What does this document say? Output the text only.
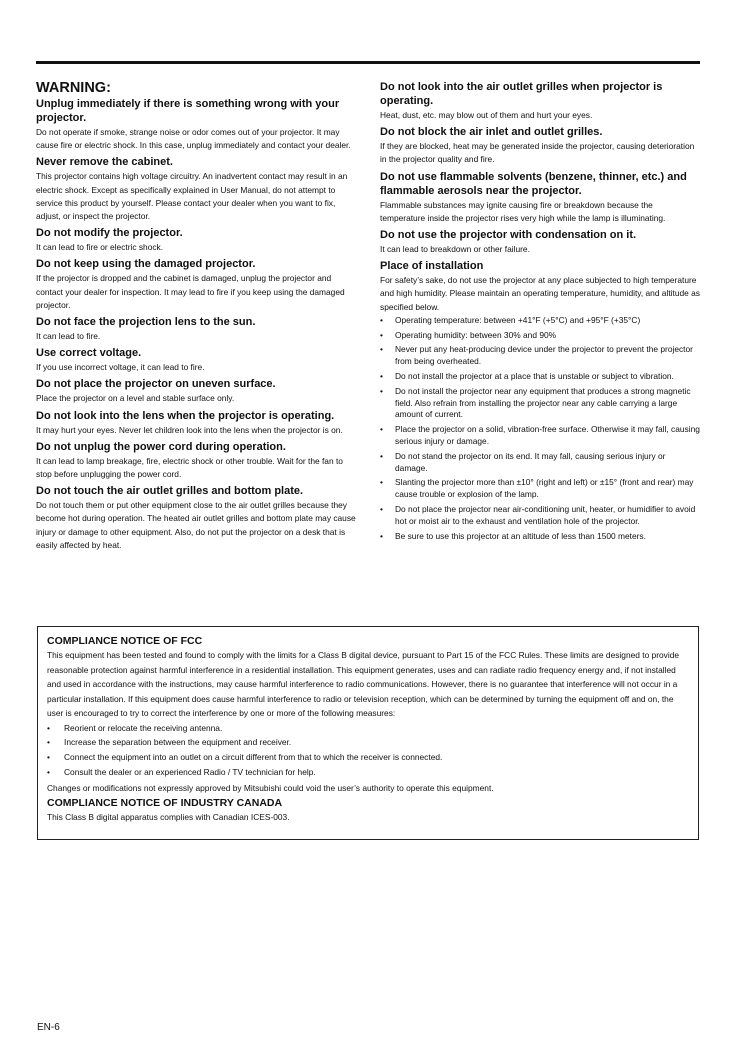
WARNING:
Unplug immediately if there is something wrong with your projector.
Do not operate if smoke, strange noise or odor comes out of your projector. It may cause fire or electric shock. In this case, unplug immediately and contact your dealer.
Never remove the cabinet.
This projector contains high voltage circuitry. An inadvertent contact may result in an electric shock. Except as specifically explained in User Manual, do not attempt to service this product by yourself. Please contact your dealer when you want to fix, adjust, or inspect the projector.
Do not modify the projector.
It can lead to fire or electric shock.
Do not keep using the damaged projector.
If the projector is dropped and the cabinet is damaged, unplug the projector and contact your dealer for inspection. It may lead to fire if you keep using the damaged projector.
Do not face the projection lens to the sun.
It can lead to fire.
Use correct voltage.
If you use incorrect voltage, it can lead to fire.
Do not place the projector on uneven surface.
Place the projector on a level and stable surface only.
Do not look into the lens when the projector is operating.
It may hurt your eyes. Never let children look into the lens when the projector is on.
Do not unplug the power cord during operation.
It can lead to lamp breakage, fire, electric shock or other trouble. Wait for the fan to stop before unplugging the power cord.
Do not touch the air outlet grilles and bottom plate.
Do not touch them or put other equipment close to the air outlet grilles because they become hot during operation. The heated air outlet grilles and bottom plate may cause injury or damage to other equipment. Also, do not put the projector on a desk that is easily affected by heat.
Do not look into the air outlet grilles when projector is operating.
Heat, dust, etc. may blow out of them and hurt your eyes.
Do not block the air inlet and outlet grilles.
If they are blocked, heat may be generated inside the projector, causing deterioration in the projector quality and fire.
Do not use flammable solvents (benzene, thinner, etc.) and flammable aerosols near the projector.
Flammable substances may ignite causing fire or breakdown because the temperature inside the projector rises very high while the lamp is illuminating.
Do not use the projector with condensation on it.
It can lead to breakdown or other failure.
Place of installation
For safety’s sake, do not use the projector at any place subjected to high temperature and high humidity. Please maintain an operating temperature, humidity, and altitude as specified below.
• Operating temperature: between +41°F (+5°C) and +95°F (+35°C)
• Operating humidity: between 30% and 90%
• Never put any heat-producing device under the projector to prevent the projector from being overheated.
• Do not install the projector at a place that is unstable or subject to vibration.
• Do not install the projector near any equipment that produces a strong magnetic field. Also refrain from installing the projector near any cable carrying a large amount of current.
• Place the projector on a solid, vibration-free surface. Otherwise it may fall, causing serious injury or damage.
• Do not stand the projector on its end. It may fall, causing serious injury or damage.
• Slanting the projector more than ±10° (right and left) or ±15° (front and rear) may cause trouble or explosion of the lamp.
• Do not place the projector near air-conditioning unit, heater, or humidifier to avoid hot or moist air to the exhaust and ventilation hole of the projector.
• Be sure to use this projector at an altitude of less than 1500 meters.
COMPLIANCE NOTICE OF FCC
This equipment has been tested and found to comply with the limits for a Class B digital device, pursuant to Part 15 of the FCC Rules. These limits are designed to provide reasonable protection against harmful interference in a residential installation. This equipment generates, uses and can radiate radio frequency energy and, if not installed and used in accordance with the instructions, may cause harmful interference to radio communications. However, there is no guarantee that interference will not occur in a particular installation. If this equipment does cause harmful interference to radio or television reception, which can be determined by turning the equipment off and on, the user is encouraged to try to correct the interference by one or more of the following measures:
• Reorient or relocate the receiving antenna.
• Increase the separation between the equipment and receiver.
• Connect the equipment into an outlet on a circuit different from that to which the receiver is connected.
• Consult the dealer or an experienced Radio / TV technician for help.
Changes or modifications not expressly approved by Mitsubishi could void the user’s authority to operate this equipment.
COMPLIANCE NOTICE OF INDUSTRY CANADA
This Class B digital apparatus complies with Canadian ICES-003.
EN-6
